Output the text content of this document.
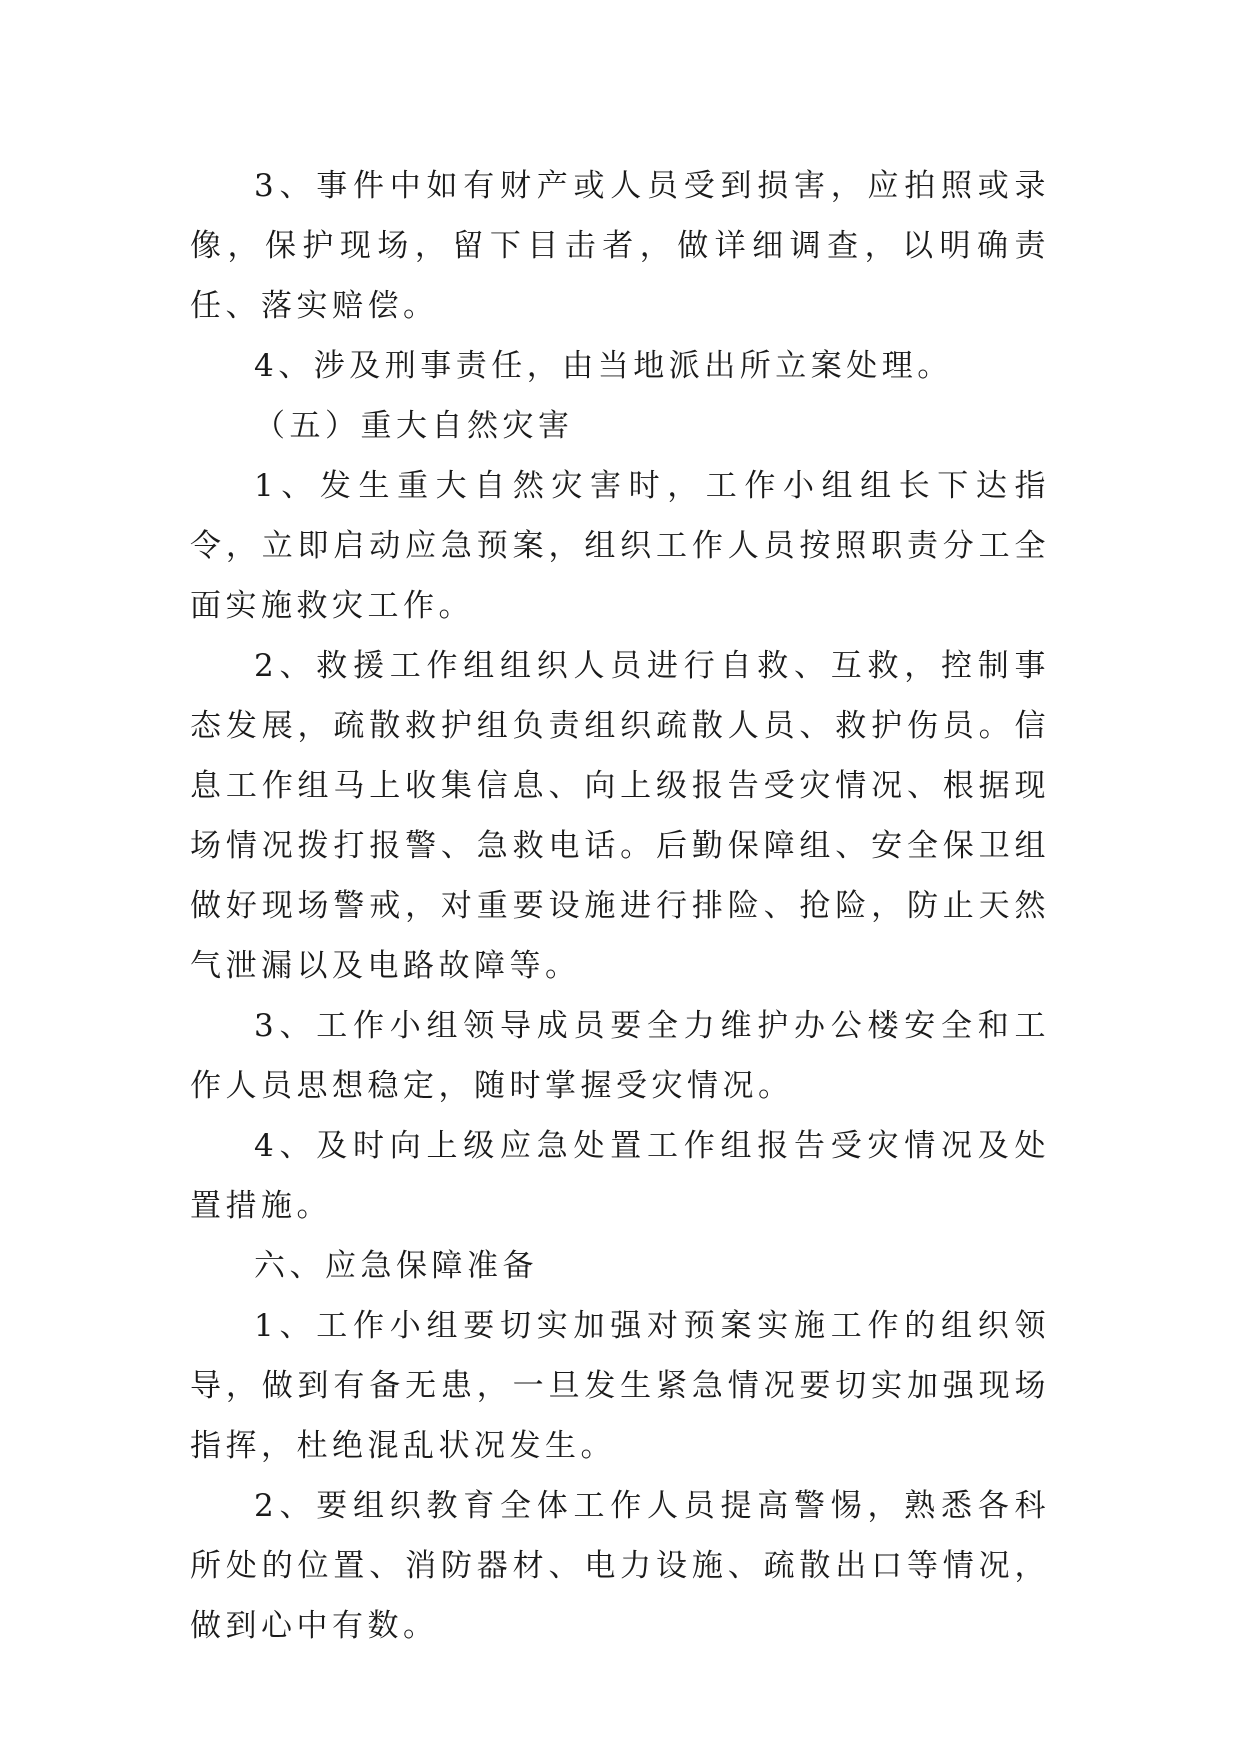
3、事件中如有财产或人员受到损害，应拍照或录像，保护现场，留下目击者，做详细调查，以明确责任、落实赔偿。

4、涉及刑事责任，由当地派出所立案处理。

（五）重大自然灾害

1、发生重大自然灾害时，工作小组组长下达指令，立即启动应急预案，组织工作人员按照职责分工全面实施救灾工作。

2、救援工作组组织人员进行自救、互救，控制事态发展，疏散救护组负责组织疏散人员、救护伤员。信息工作组马上收集信息、向上级报告受灾情况、根据现场情况拨打报警、急救电话。后勤保障组、安全保卫组做好现场警戒，对重要设施进行排险、抢险，防止天然气泄漏以及电路故障等。

3、工作小组领导成员要全力维护办公楼安全和工作人员思想稳定，随时掌握受灾情况。

4、及时向上级应急处置工作组报告受灾情况及处置措施。

六、应急保障准备

1、工作小组要切实加强对预案实施工作的组织领导，做到有备无患，一旦发生紧急情况要切实加强现场指挥，杜绝混乱状况发生。

2、要组织教育全体工作人员提高警惕，熟悉各科所处的位置、消防器材、电力设施、疏散出口等情况，做到心中有数。
